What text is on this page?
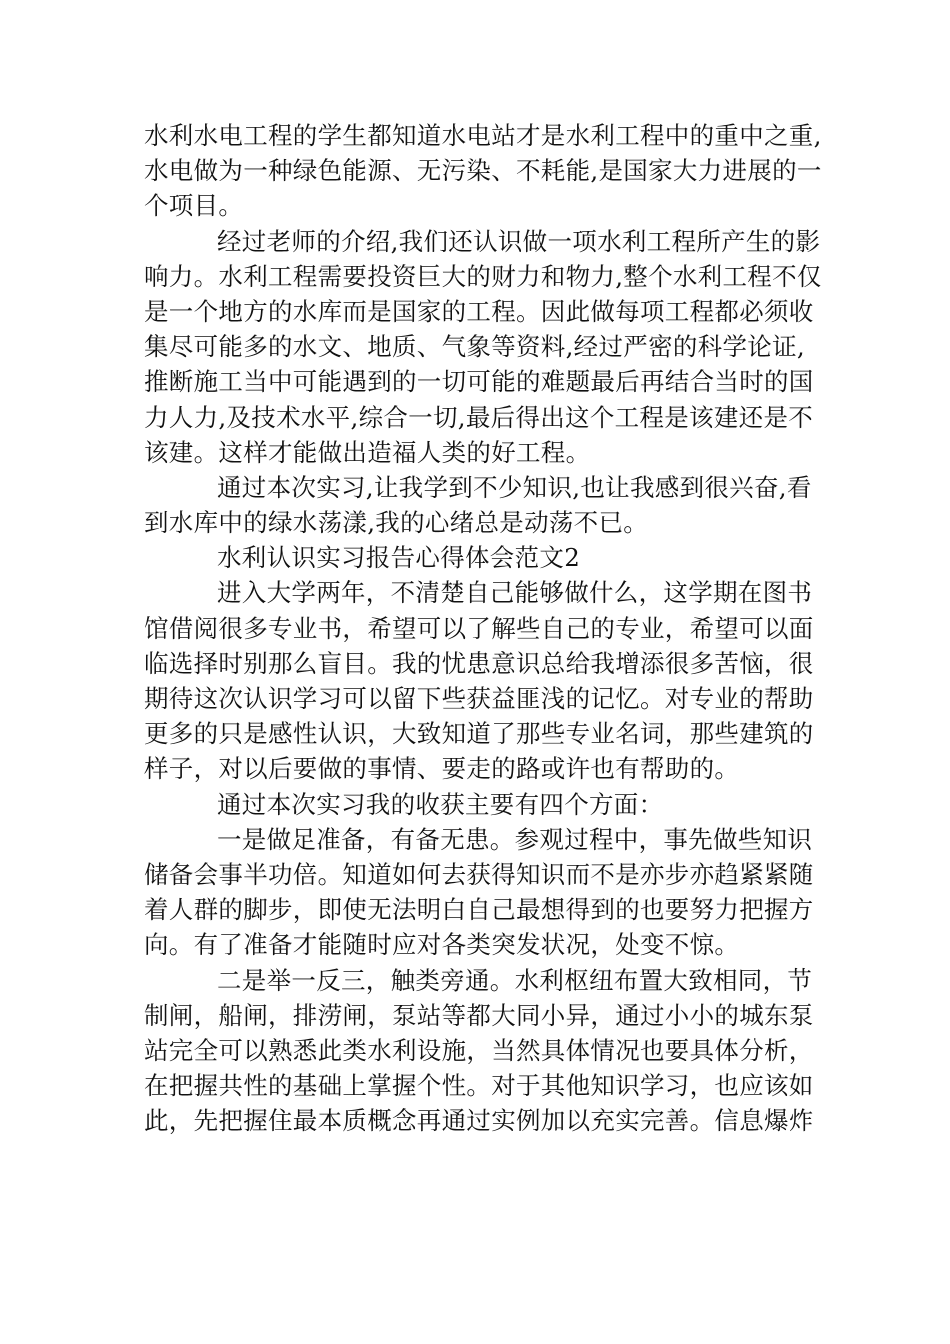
水利水电工程的学生都知道水电站才是水利工程中的重中之重,
水电做为一种绿色能源、无污染、不耗能,是国家大力进展的一
个项目。
经过老师的介绍,我们还认识做一项水利工程所产生的影
响力。水利工程需要投资巨大的财力和物力,整个水利工程不仅
是一个地方的水库而是国家的工程。因此做每项工程都必须收
集尽可能多的水文、地质、气象等资料,经过严密的科学论证,
推断施工当中可能遇到的一切可能的难题最后再结合当时的国
力人力,及技术水平,综合一切,最后得出这个工程是该建还是不
该建。这样才能做出造福人类的好工程。
通过本次实习,让我学到不少知识,也让我感到很兴奋,看
到水库中的绿水荡漾,我的心绪总是动荡不已。
水利认识实习报告心得体会范文2
进入大学两年，不清楚自己能够做什么，这学期在图书
馆借阅很多专业书，希望可以了解些自己的专业，希望可以面
临选择时别那么盲目。我的忧患意识总给我增添很多苦恼，很
期待这次认识学习可以留下些获益匪浅的记忆。对专业的帮助
更多的只是感性认识，大致知道了那些专业名词，那些建筑的
样子，对以后要做的事情、要走的路或许也有帮助的。
通过本次实习我的收获主要有四个方面：
一是做足准备，有备无患。参观过程中，事先做些知识
储备会事半功倍。知道如何去获得知识而不是亦步亦趋紧紧随
着人群的脚步，即使无法明白自己最想得到的也要努力把握方
向。有了准备才能随时应对各类突发状况，处变不惊。
二是举一反三，触类旁通。水利枢纽布置大致相同，节
制闸，船闸，排涝闸，泵站等都大同小异，通过小小的城东泵
站完全可以熟悉此类水利设施，当然具体情况也要具体分析，
在把握共性的基础上掌握个性。对于其他知识学习，也应该如
此，先把握住最本质概念再通过实例加以充实完善。信息爆炸
